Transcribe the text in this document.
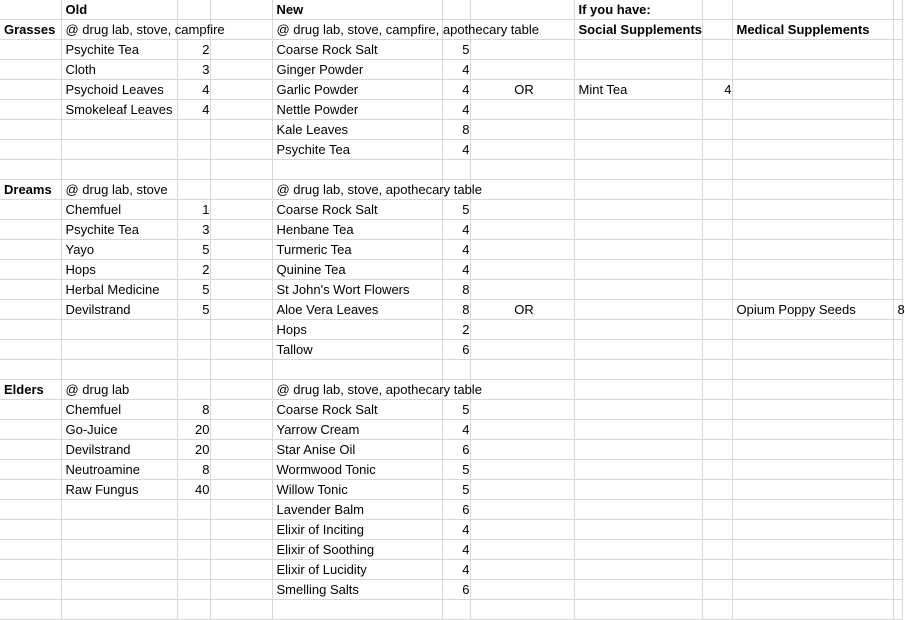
	Old			New			If you have:			
Grasses	@ drug lab, stove, campfire			@ drug lab, stove, campfire, apothecary table			Social Supplements		Medical Supplements	
	Psychite Tea	2		Coarse Rock Salt	5					
	Cloth	3		Ginger Powder	4					
	Psychoid Leaves	4		Garlic Powder	4	OR	Mint Tea	4		
	Smokeleaf Leaves	4		Nettle Powder	4					
				Kale Leaves	8					
				Psychite Tea	4					

Dreams	@ drug lab, stove			@ drug lab, stove, apothecary table						
	Chemfuel	1		Coarse Rock Salt	5					
	Psychite Tea	3		Henbane Tea	4					
	Yayo	5		Turmeric Tea	4					
	Hops	2		Quinine Tea	4					
	Herbal Medicine	5		St John's Wort Flowers	8					
	Devilstrand	5		Aloe Vera Leaves	8	OR			Opium Poppy Seeds	8
				Hops	2					
				Tallow	6					

Elders	@ drug lab			@ drug lab, stove, apothecary table						
	Chemfuel	8		Coarse Rock Salt	5					
	Go-Juice	20		Yarrow Cream	4					
	Devilstrand	20		Star Anise Oil	6					
	Neutroamine	8		Wormwood Tonic	5					
	Raw Fungus	40		Willow Tonic	5					
				Lavender Balm	6					
				Elixir of Inciting	4					
				Elixir of Soothing	4					
				Elixir of Lucidity	4					
				Smelling Salts	6					
